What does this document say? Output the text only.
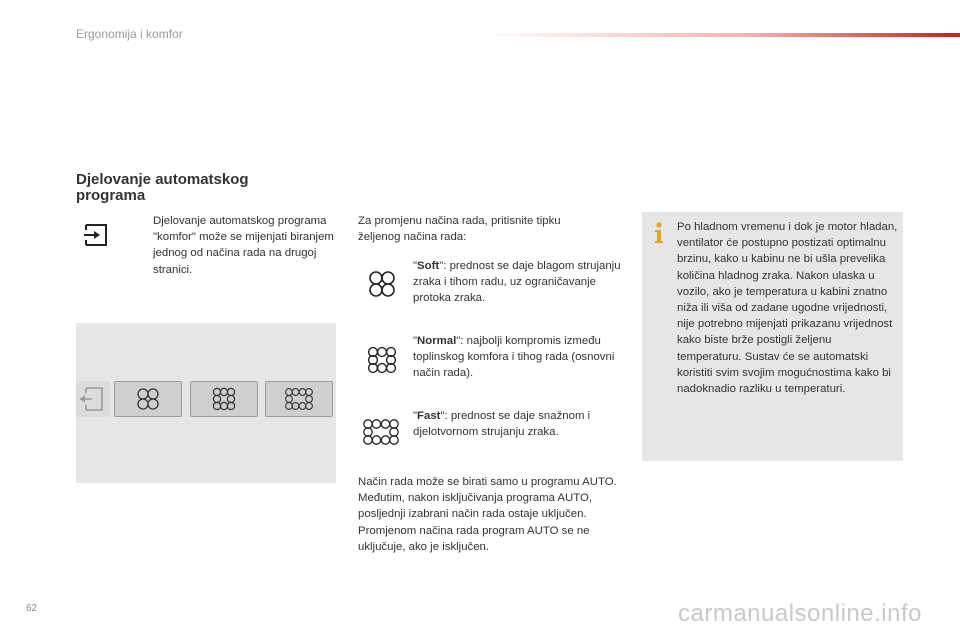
Ergonomija i komfor
Djelovanje automatskog programa
Djelovanje automatskog programa "komfor" može se mijenjati biranjem jednog od načina rada na drugoj stranici.
Za promjenu načina rada, pritisnite tipku željenog načina rada:
"Soft": prednost se daje blagom strujanju zraka i tihom radu, uz ograničavanje protoka zraka.
"Normal": najbolji kompromis između toplinskog komfora i tihog rada (osnovni način rada).
"Fast": prednost se daje snažnom i djelotvornom strujanju zraka.
Način rada može se birati samo u programu AUTO. Međutim, nakon isključivanja programa AUTO, posljednji izabrani način rada ostaje uključen.
Promjenom načina rada program AUTO se ne uključuje, ako je isključen.
Po hladnom vremenu i dok je motor hladan, ventilator će postupno postizati optimalnu brzinu, kako u kabinu ne bi ušla prevelika količina hladnog zraka. Nakon ulaska u vozilo, ako je temperatura u kabini znatno niža ili viša od zadane ugodne vrijednosti, nije potrebno mijenjati prikazanu vrijednost kako biste brže postigli željenu temperaturu. Sustav će se automatski koristiti svim svojim mogućnostima kako bi nadoknadio razliku u temperaturi.
62	carmanualsonline.info
